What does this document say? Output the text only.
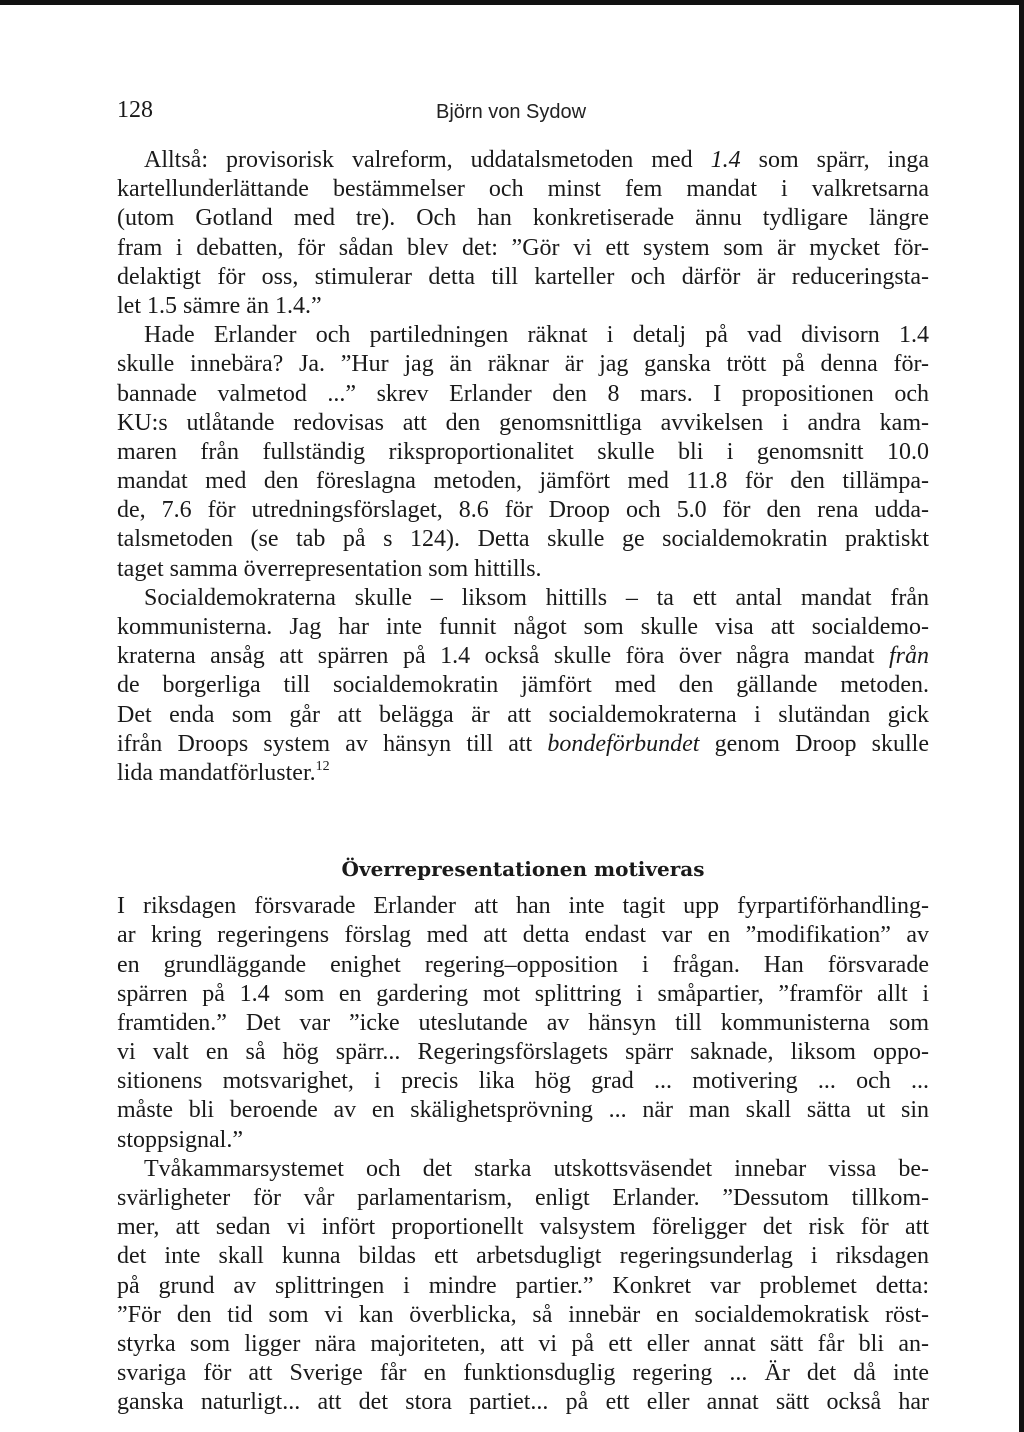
128	Björn von Sydow
Alltså: provisorisk valreform, uddatalsmetoden med 1.4 som spärr, inga
kartellunderlättande bestämmelser och minst fem mandat i valkretsarna
(utom Gotland med tre). Och han konkretiserade ännu tydligare längre
fram i debatten, för sådan blev det: ”Gör vi ett system som är mycket för-
delaktigt för oss, stimulerar detta till karteller och därför är reduceringsta-
let 1.5 sämre än 1.4.”
Hade Erlander och partiledningen räknat i detalj på vad divisorn 1.4
skulle innebära? Ja. ”Hur jag än räknar är jag ganska trött på denna för-
bannade valmetod ...” skrev Erlander den 8 mars. I propositionen och
KU:s utlåtande redovisas att den genomsnittliga avvikelsen i andra kam-
maren från fullständig riksproportionalitet skulle bli i genomsnitt 10.0
mandat med den föreslagna metoden, jämfört med 11.8 för den tillämpa-
de, 7.6 för utredningsförslaget, 8.6 för Droop och 5.0 för den rena udda-
talsmetoden (se tab på s 124). Detta skulle ge socialdemokratin praktiskt
taget samma överrepresentation som hittills.
Socialdemokraterna skulle – liksom hittills – ta ett antal mandat från
kommunisterna. Jag har inte funnit något som skulle visa att socialdemo-
kraterna ansåg att spärren på 1.4 också skulle föra över några mandat från
de borgerliga till socialdemokratin jämfört med den gällande metoden.
Det enda som går att belägga är att socialdemokraterna i slutändan gick
ifrån Droops system av hänsyn till att bondeförbundet genom Droop skulle
lida mandatförluster.$^{12}$
Överrepresentationen motiveras
I riksdagen försvarade Erlander att han inte tagit upp fyrpartiförhandling-
ar kring regeringens förslag med att detta endast var en ”modifikation” av
en grundläggande enighet regering–opposition i frågan. Han försvarade
spärren på 1.4 som en gardering mot splittring i småpartier, ”framför allt i
framtiden.” Det var ”icke uteslutande av hänsyn till kommunisterna som
vi valt en så hög spärr... Regeringsförslagets spärr saknade, liksom oppo-
sitionens motsvarighet, i precis lika hög grad ... motivering ... och ...
måste bli beroende av en skälighetsprövning ... när man skall sätta ut sin
stoppsignal.”
Tvåkammarsystemet och det starka utskottsväsendet innebar vissa be-
svärligheter för vår parlamentarism, enligt Erlander. ”Dessutom tillkom-
mer, att sedan vi infört proportionellt valsystem föreligger det risk för att
det inte skall kunna bildas ett arbetsdugligt regeringsunderlag i riksdagen
på grund av splittringen i mindre partier.” Konkret var problemet detta:
”För den tid som vi kan överblicka, så innebär en socialdemokratisk röst-
styrka som ligger nära majoriteten, att vi på ett eller annat sätt får bli an-
svariga för att Sverige får en funktionsduglig regering ... Är det då inte
ganska naturligt... att det stora partiet... på ett eller annat sätt också har
